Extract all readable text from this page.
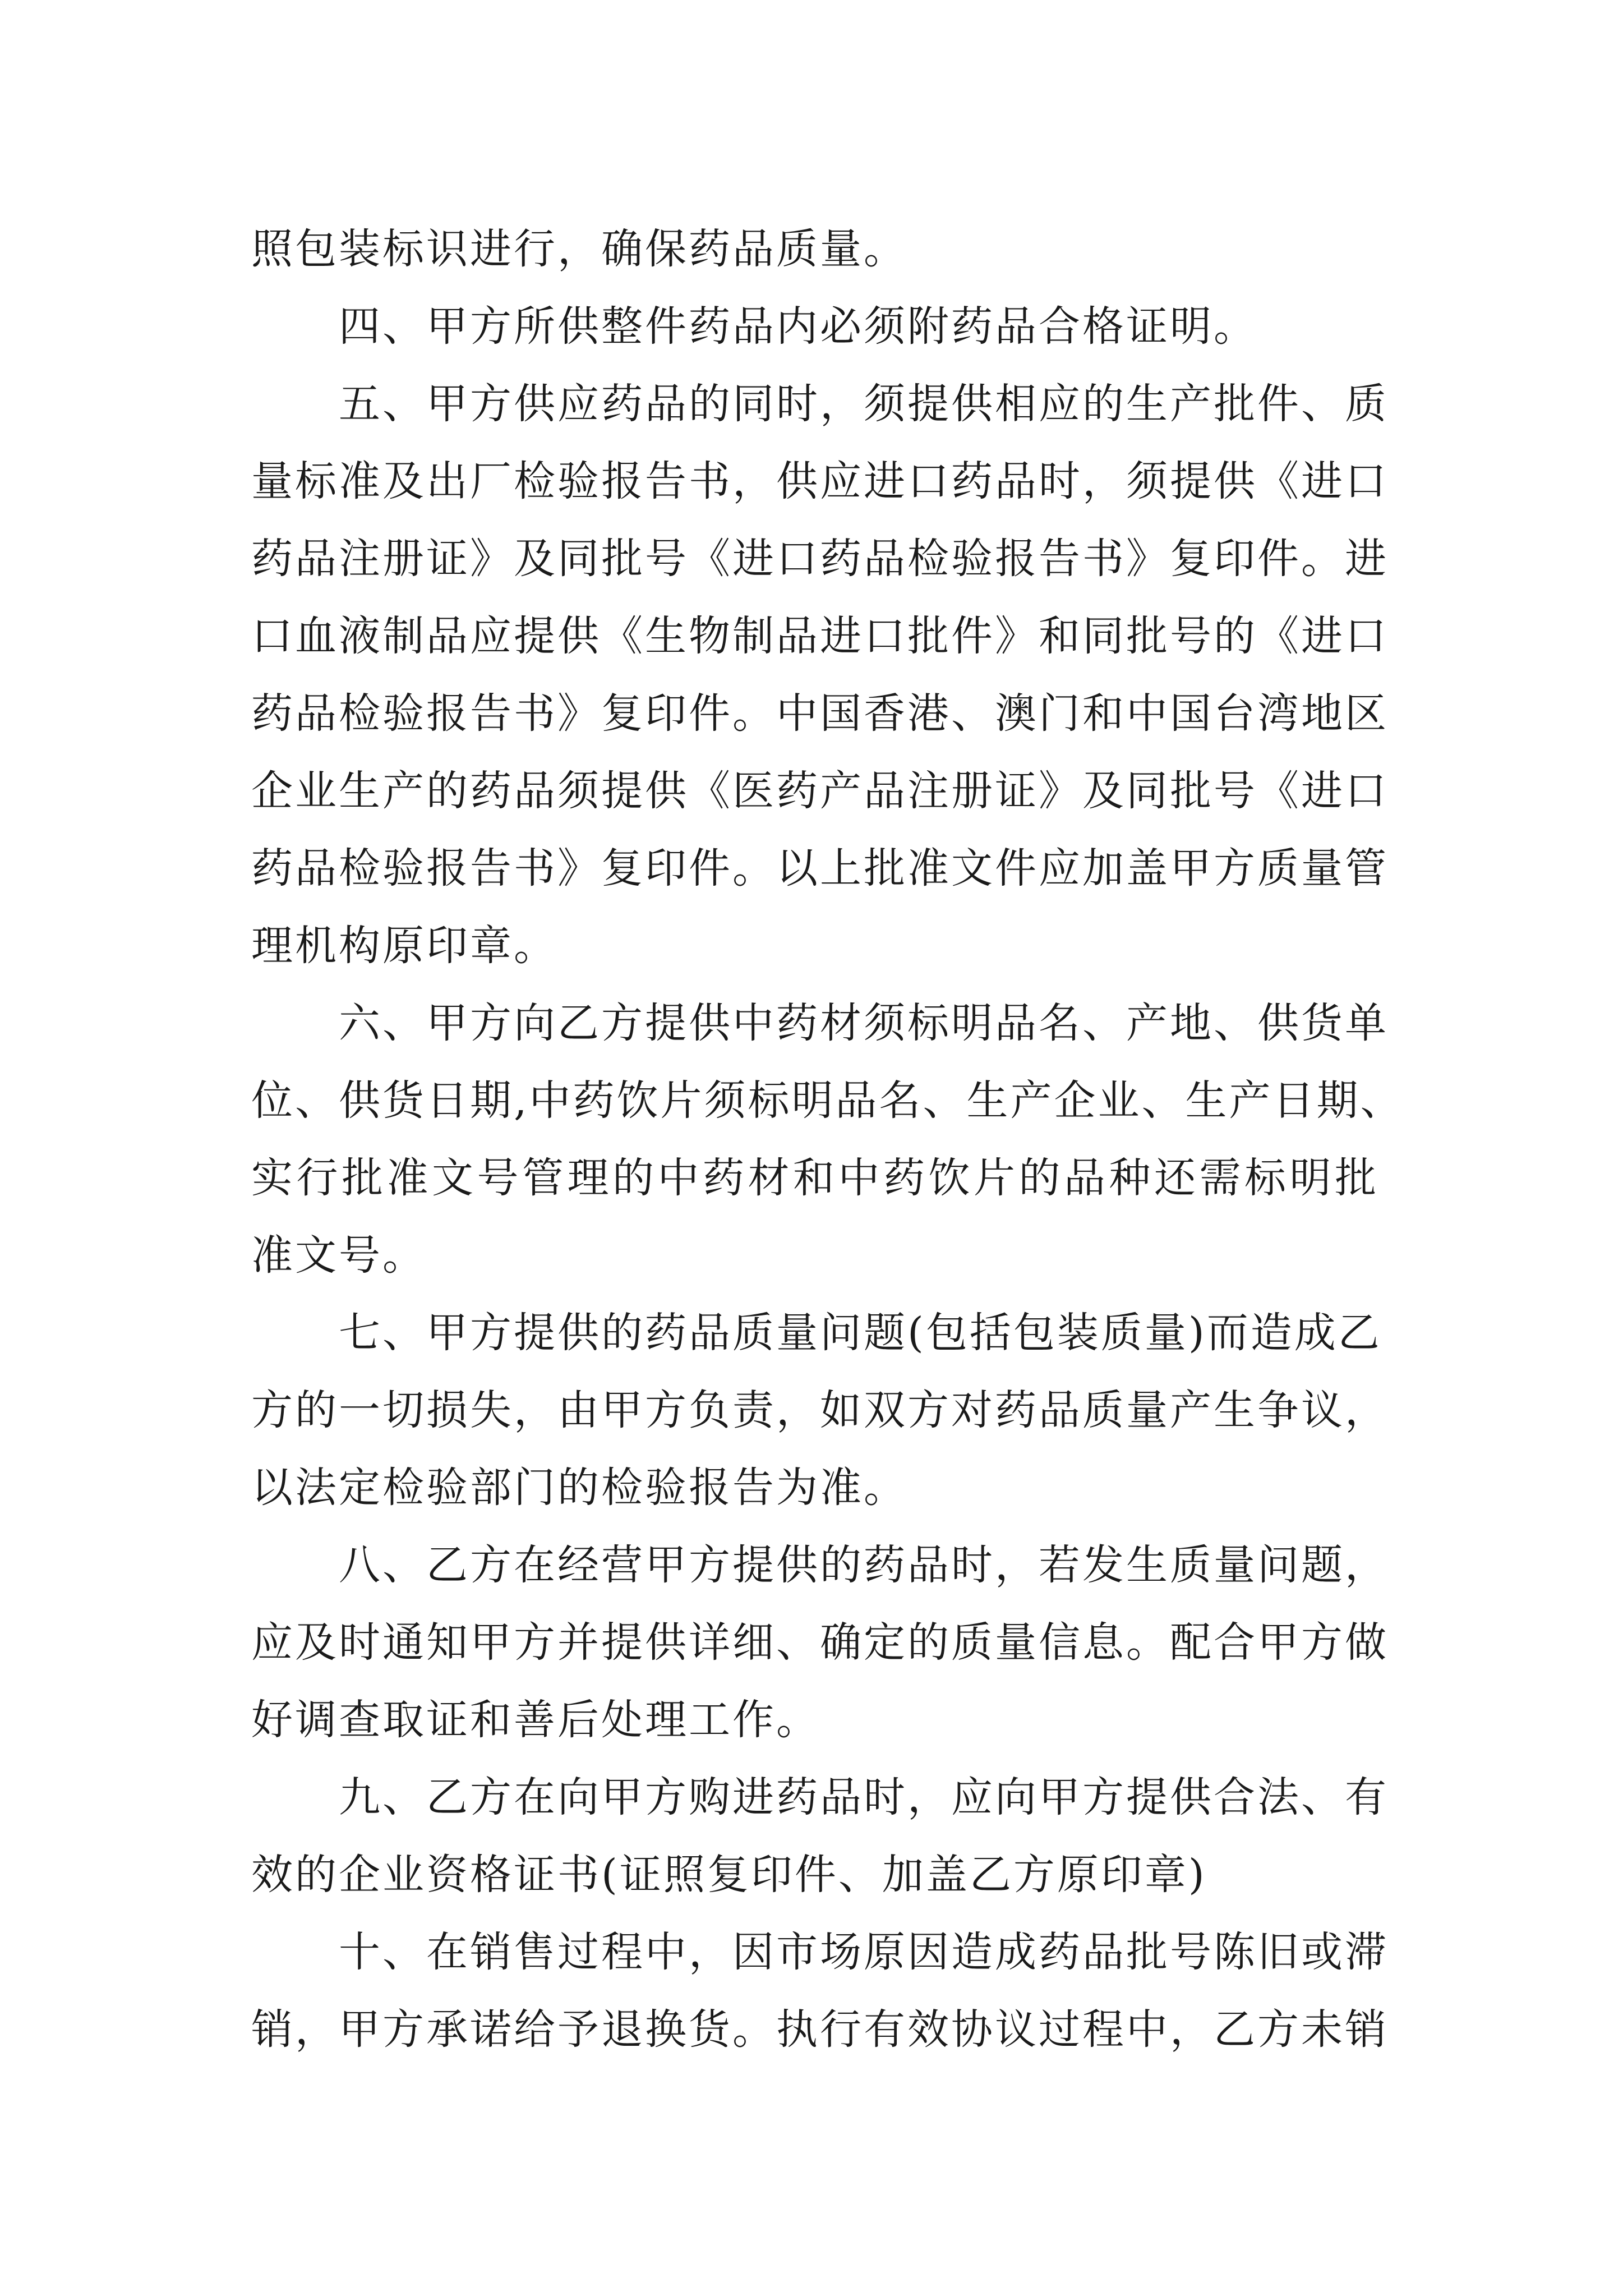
照包装标识进行，确保药品质量。
四、甲方所供整件药品内必须附药品合格证明。
五、甲方供应药品的同时，须提供相应的生产批件、质
量标准及出厂检验报告书，供应进口药品时，须提供《进口
药品注册证》及同批号《进口药品检验报告书》复印件。进
口血液制品应提供《生物制品进口批件》和同批号的《进口
药品检验报告书》复印件。中国香港、澳门和中国台湾地区
企业生产的药品须提供《医药产品注册证》及同批号《进口
药品检验报告书》复印件。以上批准文件应加盖甲方质量管
理机构原印章。
六、甲方向乙方提供中药材须标明品名、产地、供货单
位、供货日期,中药饮片须标明品名、生产企业、生产日期、
实行批准文号管理的中药材和中药饮片的品种还需标明批
准文号。
七、甲方提供的药品质量问题(包括包装质量)而造成乙
方的一切损失，由甲方负责，如双方对药品质量产生争议，
以法定检验部门的检验报告为准。
八、乙方在经营甲方提供的药品时，若发生质量问题，
应及时通知甲方并提供详细、确定的质量信息。配合甲方做
好调查取证和善后处理工作。
九、乙方在向甲方购进药品时，应向甲方提供合法、有
效的企业资格证书(证照复印件、加盖乙方原印章)
十、在销售过程中，因市场原因造成药品批号陈旧或滞
销，甲方承诺给予退换货。执行有效协议过程中，乙方未销
